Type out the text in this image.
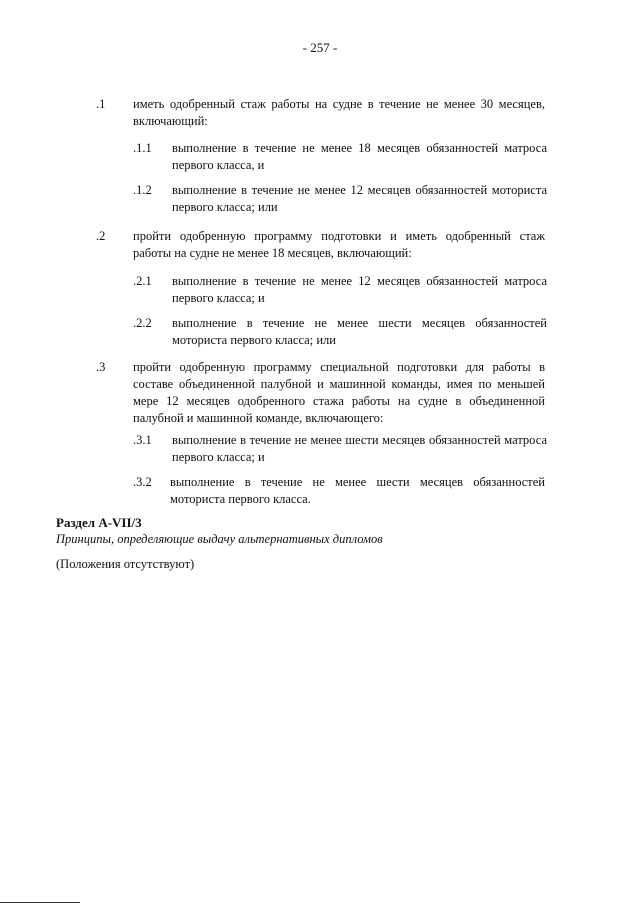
- 257 -
.1 иметь одобренный стаж работы на судне в течение не менее 30 месяцев,
включающий:
.1.1 выполнение в течение не менее 18 месяцев обязанностей матроса
первого класса, и
.1.2 выполнение в течение не менее 12 месяцев обязанностей моториста
первого класса; или
.2 пройти одобренную программу подготовки и иметь одобренный стаж
работы на судне не менее 18 месяцев, включающий:
.2.1 выполнение в течение не менее 12 месяцев обязанностей матроса
первого класса; и
.2.2 выполнение в течение не менее шести месяцев обязанностей
моториста первого класса; или
.3 пройти одобренную программу специальной подготовки для работы в
составе объединенной палубной и машинной команды, имея по меньшей
мере 12 месяцев одобренного стажа работы на судне в объединенной
палубной и машинной команде, включающего:
.3.1 выполнение в течение не менее шести месяцев обязанностей матроса
первого класса; и
.3.2 выполнение в течение не менее шести месяцев обязанностей
моториста первого класса.
Раздел A-VII/3
Принципы, определяющие выдачу альтернативных дипломов
(Положения отсутствуют)
